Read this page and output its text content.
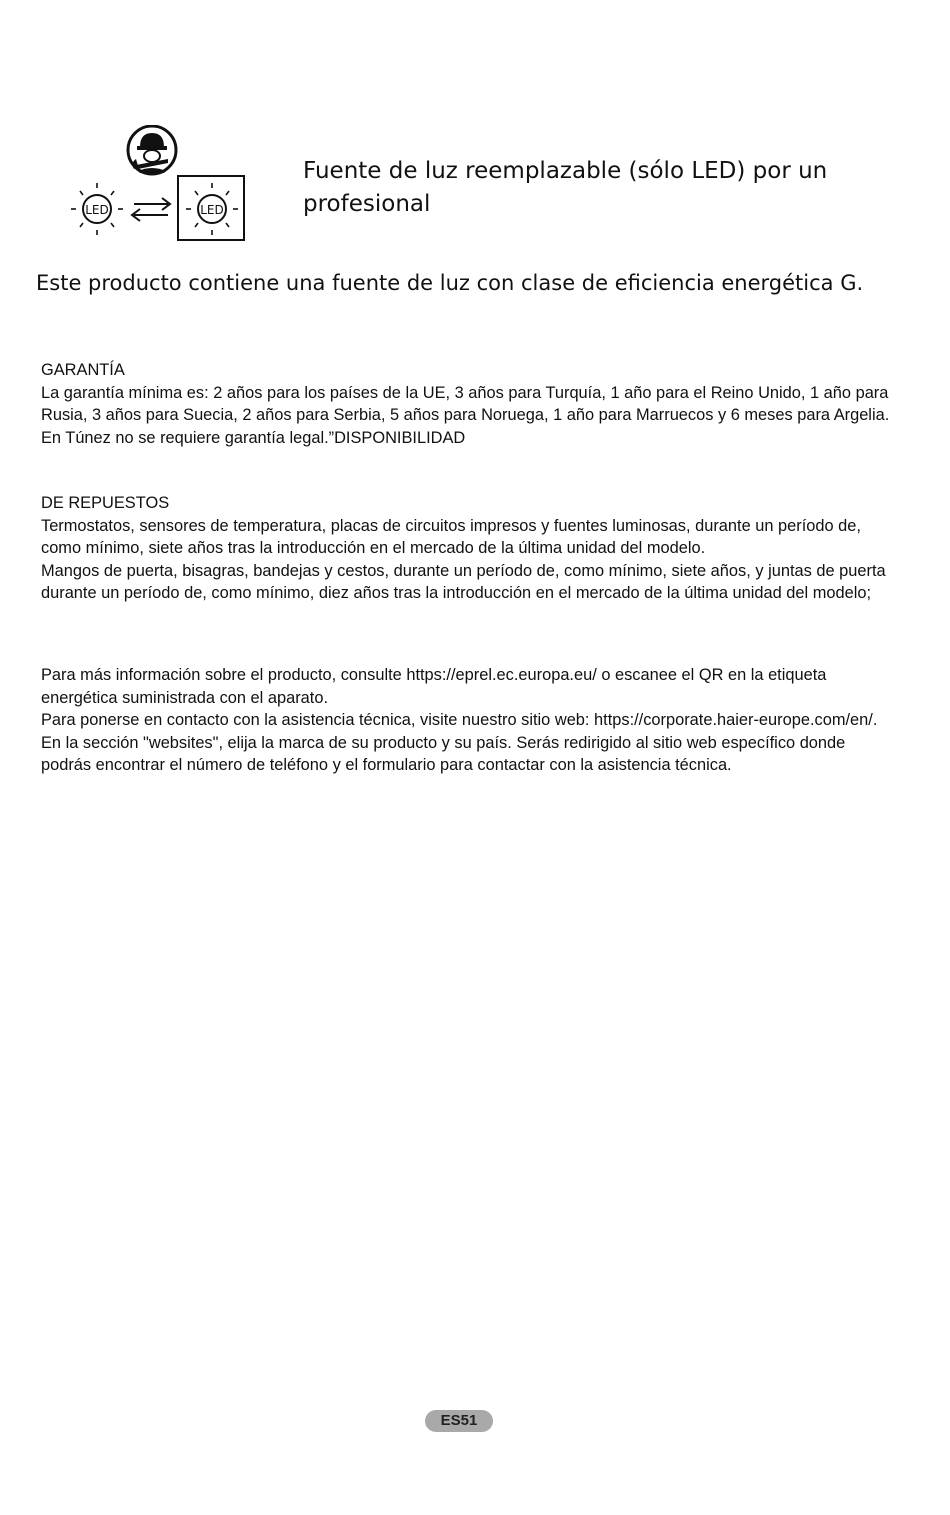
LED	LED
Fuente de luz reemplazable (sólo LED) por un profesional

Este producto contiene una fuente de luz con clase de eficiencia energética G.

GARANTÍA

La garantía mínima es: 2 años para los países de la UE, 3 años para Turquía, 1 año para el Reino Unido, 1 año para Rusia, 3 años para Suecia, 2 años para Serbia, 5 años para Noruega, 1 año para Marruecos y 6 meses para Argelia. En Túnez no se requiere garantía legal.”DISPONIBILIDAD

DE REPUESTOS

Termostatos, sensores de temperatura, placas de circuitos impresos y fuentes luminosas, durante un período de, como mínimo, siete años tras la introducción en el mercado de la última unidad del modelo.

Mangos de puerta, bisagras, bandejas y cestos, durante un período de, como mínimo, siete años, y juntas de puerta durante un período de, como mínimo, diez años tras la introducción en el mercado de la última unidad del modelo;

Para más información sobre el producto, consulte https://eprel.ec.europa.eu/ o escanee el QR en la etiqueta energética suministrada con el aparato.

Para ponerse en contacto con la asistencia técnica, visite nuestro sitio web: https://corporate.haier-europe.com/en/. En la sección "websites", elija la marca de su producto y su país. Serás redirigido al sitio web específico donde podrás encontrar el número de teléfono y el formulario para contactar con la asistencia técnica.

ES51
